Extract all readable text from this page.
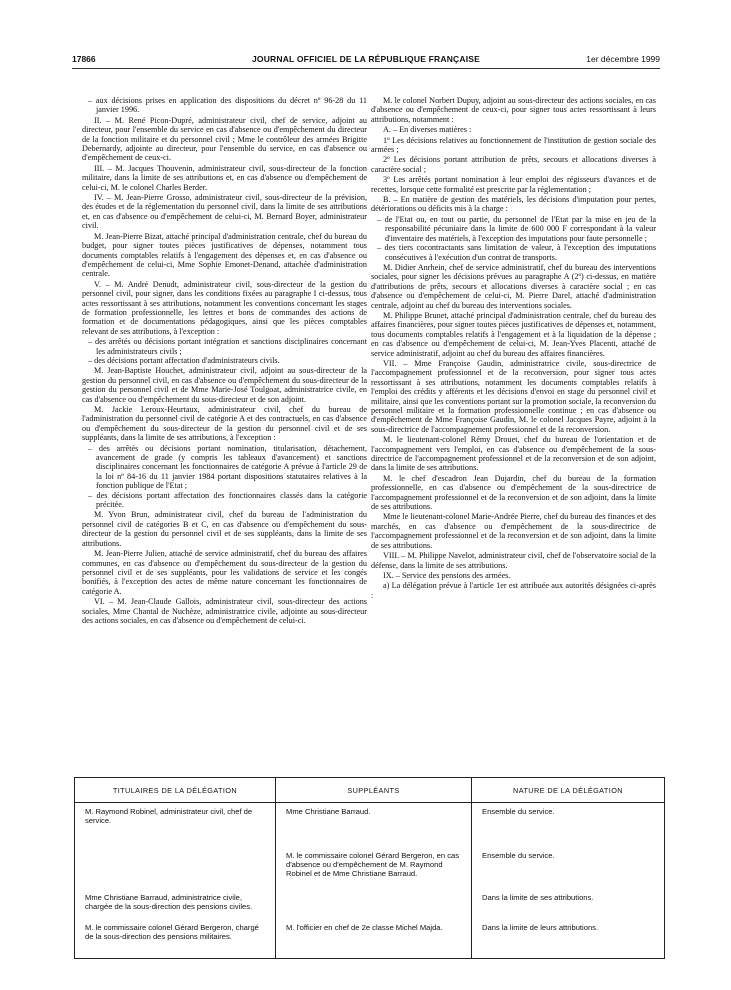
17866	JOURNAL OFFICIEL DE LA RÉPUBLIQUE FRANÇAISE	1er décembre 1999
– aux décisions prises en application des dispositions du décret nº 96-28 du 11 janvier 1996.

II. – M. René Picon-Dupré, administrateur civil, chef de service, adjoint au directeur, pour l'ensemble du service en cas d'absence ou d'empêchement du directeur de la fonction militaire et du personnel civil ; Mme le contrôleur des armées Brigitte Debernardy, adjointe au directeur, pour l'ensemble du service, en cas d'absence ou d'empêchement de ceux-ci.

III. – M. Jacques Thouvenin, administrateur civil, sous-directeur de la fonction militaire, dans la limite de ses attributions et, en cas d'absence ou d'empêchement de celui-ci, M. le colonel Charles Berder.

IV. – M. Jean-Pierre Grosso, administrateur civil, sous-directeur de la prévision, des études et de la réglementation du personnel civil, dans la limite de ses attributions et, en cas d'absence ou d'empêchement de celui-ci, M. Bernard Boyer, administrateur civil.

M. Jean-Pierre Bizat, attaché principal d'administration centrale, chef du bureau du budget, pour signer toutes pièces justificatives de dépenses, notamment tous documents comptables relatifs à l'engagement des dépenses et, en cas d'absence ou d'empêchement de celui-ci, Mme Sophie Emonet-Denand, attachée d'administration centrale.

V. – M. André Denudt, administrateur civil, sous-directeur de la gestion du personnel civil, pour signer, dans les conditions fixées au paragraphe I ci-dessus, tous actes ressortissant à ses attributions, notamment les conventions concernant les stages de formation professionnelle, les lettres et bons de commandes des actions de formation et de documentations pédagogiques, ainsi que les pièces comptables relevant de ses attributions, à l'exception :

– des arrêtés ou décisions portant intégration et sanctions disciplinaires concernant les administrateurs civils ;
– des décisions portant affectation d'administrateurs civils.

M. Jean-Baptiste Houchet, administrateur civil, adjoint au sous-directeur de la gestion du personnel civil, en cas d'absence ou d'empêchement du sous-directeur de la gestion du personnel civil et de Mme Marie-José Toulgoat, administratrice civile, en cas d'absence ou d'empêchement du sous-directeur et de son adjoint.

M. Jackie Leroux-Heurtaux, administrateur civil, chef du bureau de l'administration du personnel civil de catégorie A et des contractuels, en cas d'absence ou d'empêchement du sous-directeur de la gestion du personnel civil et de ses suppléants, dans la limite de ses attributions, à l'exception :

– des arrêtés ou décisions portant nomination, titularisation, détachement, avancement de grade (y compris les tableaux d'avancement) et sanctions disciplinaires concernant les fonctionnaires de catégorie A prévue à l'article 29 de la loi nº 84-16 du 11 janvier 1984 portant dispositions statutaires relatives à la fonction publique de l'Etat ;
– des décisions portant affectation des fonctionnaires classés dans la catégorie précitée.

M. Yvon Brun, administrateur civil, chef du bureau de l'administration du personnel civil de catégories B et C, en cas d'absence ou d'empêchement du sous-directeur de la gestion du personnel civil et de ses suppléants, dans la limite de ses attributions.

M. Jean-Pierre Julien, attaché de service administratif, chef du bureau des affaires communes, en cas d'absence ou d'empêchement du sous-directeur de la gestion du personnel civil et de ses suppléants, pour les validations de service et les congés bonifiés, à l'exception des actes de même nature concernant les fonctionnaires de catégorie A.

VI. – M. Jean-Claude Gallois, administrateur civil, sous-directeur des actions sociales, Mme Chantal de Nuchèze, administratrice civile, adjointe au sous-directeur des actions sociales, en cas d'absence ou d'empêchement de celui-ci.

M. le colonel Norbert Dupuy, adjoint au sous-directeur des actions sociales, en cas d'absence ou d'empêchement de ceux-ci, pour signer tous actes ressortissant à leurs attributions, notamment :

A. – En diverses matières :

1º Les décisions relatives au fonctionnement de l'institution de gestion sociale des armées ;

2º Les décisions portant attribution de prêts, secours et allocations diverses à caractère social ;

3º Les arrêtés portant nomination à leur emploi des régisseurs d'avances et de recettes, lorsque cette formalité est prescrite par la réglementation ;

B. – En matière de gestion des matériels, les décisions d'imputation pour pertes, détériorations ou déficits mis à la charge :

– de l'Etat ou, en tout ou partie, du personnel de l'Etat par la mise en jeu de la responsabilité pécuniaire dans la limite de 600 000 F correspondant à la valeur d'inventaire des matériels, à l'exception des imputations pour faute personnelle ;
– des tiers cocontractants sans limitation de valeur, à l'exception des imputations consécutives à l'exécution d'un contrat de transports.

M. Didier Anrhein, chef de service administratif, chef du bureau des interventions sociales, pour signer les décisions prévues au paragraphe A (2º) ci-dessus, en matière d'attributions de prêts, secours et allocations diverses à caractère social ; en cas d'absence ou d'empêchement de celui-ci, M. Pierre Darel, attaché d'administration centrale, adjoint au chef du bureau des interventions sociales.

M. Philippe Brunet, attaché principal d'administration centrale, chef du bureau des affaires financières, pour signer toutes pièces justificatives de dépenses et, notamment, tous documents comptables relatifs à l'engagement et à la liquidation de la dépense ; en cas d'absence ou d'empêchement de celui-ci, M. Jean-Yves Placenti, attaché de service administratif, adjoint au chef du bureau des affaires financières.

VII. – Mme Françoise Gaudin, administratrice civile, sous-directrice de l'accompagnement professionnel et de la reconversion, pour signer tous actes ressortissant à ses attributions, notamment les documents comptables relatifs à l'emploi des crédits y afférents et les décisions d'envoi en stage du personnel civil et militaire, ainsi que les conventions portant sur la promotion sociale, la reconversion du personnel militaire et la formation professionnelle continue ; en cas d'absence ou d'empêchement de Mme Françoise Gaudin, M. le colonel Jacques Payre, adjoint à la sous-directrice de l'accompagnement professionnel et de la reconversion.

M. le lieutenant-colonel Rémy Drouet, chef du bureau de l'orientation et de l'accompagnement vers l'emploi, en cas d'absence ou d'empêchement de la sous-directrice de l'accompagnement professionnel et de la reconversion et de son adjoint, dans la limite de ses attributions.

M. le chef d'escadron Jean Dujardin, chef du bureau de la formation professionnelle, en cas d'absence ou d'empêchement de la sous-directrice de l'accompagnement professionnel et de la reconversion et de son adjoint, dans la limite de ses attributions.

Mme le lieutenant-colonel Marie-Andrée Pierre, chef du bureau des finances et des marchés, en cas d'absence ou d'empêchement de la sous-directrice de l'accompagnement professionnel et de la reconversion et de son adjoint, dans la limite de ses attributions.

VIII. – M. Philippe Navelot, administrateur civil, chef de l'observatoire social de la défense, dans la limite de ses attributions.

IX. – Service des pensions des armées.

a) La délégation prévue à l'article 1er est attribuée aux autorités désignées ci-après :

TITULAIRES DE LA DÉLÉGATION	SUPPLÉANTS	NATURE DE LA DÉLÉGATION
M. Raymond Robinel, administrateur civil, chef de service.	Mme Christiane Barraud.	Ensemble du service.
	M. le commissaire colonel Gérard Bergeron, en cas d'absence ou d'empêchement de M. Raymond Robinel et de Mme Christiane Barraud.	Ensemble du service.
Mme Christiane Barraud, administratrice civile, chargée de la sous-direction des pensions civiles.		Dans la limite de ses attributions.
M. le commissaire colonel Gérard Bergeron, chargé de la sous-direction des pensions militaires.	M. l'officier en chef de 2e classe Michel Majda.	Dans la limite de leurs attributions.
